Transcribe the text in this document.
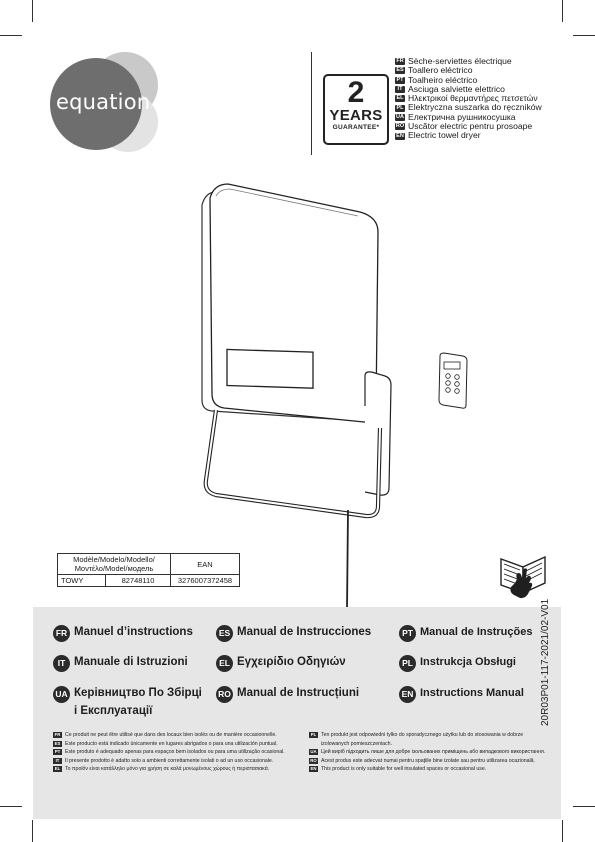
equation	2
YEARS
GUARANTEE*
FR Sèche-serviettes électrique
ES Toallero eléctrico
PT Toalheiro eléctrico
IT Asciuga salviette elettrico
EL Ηλεκτρικοί θερμαντήρες πετσετών
PL Elektryczna suszarka do ręczników
UA Електрична рушникосушка
RO Uscător electric pentru prosoape
EN Electric towel dryer
Modèle/Modelo/Modello/ Μοντέλο/Model/модель		EAN
TOWY	82748110	3276007372458
FR Manuel d’instructions	ES Manual de Instrucciones	PT Manual de Instruções
IT Manuale di Istruzioni	EL Εγχειρίδιο Οδηγιών	PL Instrukcja Obsługi
UA Керівництво По Збірці
і Експлуатації
RO Manual de Instrucțiuni	EN Instructions Manual 20R03P01-117-2021/02-V01
FR Ce produit ne peut être utilisé que dans des locaux bien isolés ou de manière occasionnelle.
ES Este producto está indicado únicamente en lugares abrigados o para una utilización puntual.
PT Este produto é adequado apenas para espaços bem isolados ou para uma utilização ocasional.
IT	Il presente prodotto è adatto solo a ambienti correttamente isolati o ad un uso occasionale.
EL Το προϊόν είναι κατάλληλο μόνο για χρήση σε καλά μονωμένους χώρους ή περιστασιακά.
PL Ten produkt jest odpowiedni tylko do sporadycznego użytku lub do stosowania w dobrze
izolowanych pomieszczeniach.
UA Цей виріб підходить лише для добре ізольованих приміщень або випадкового використання.
RO Acest produs este adecvat numai pentru spaţiile bine izolate sau pentru utilizarea ocazională.
EN This product is only suitable for well insulated spaces or occasional use.
